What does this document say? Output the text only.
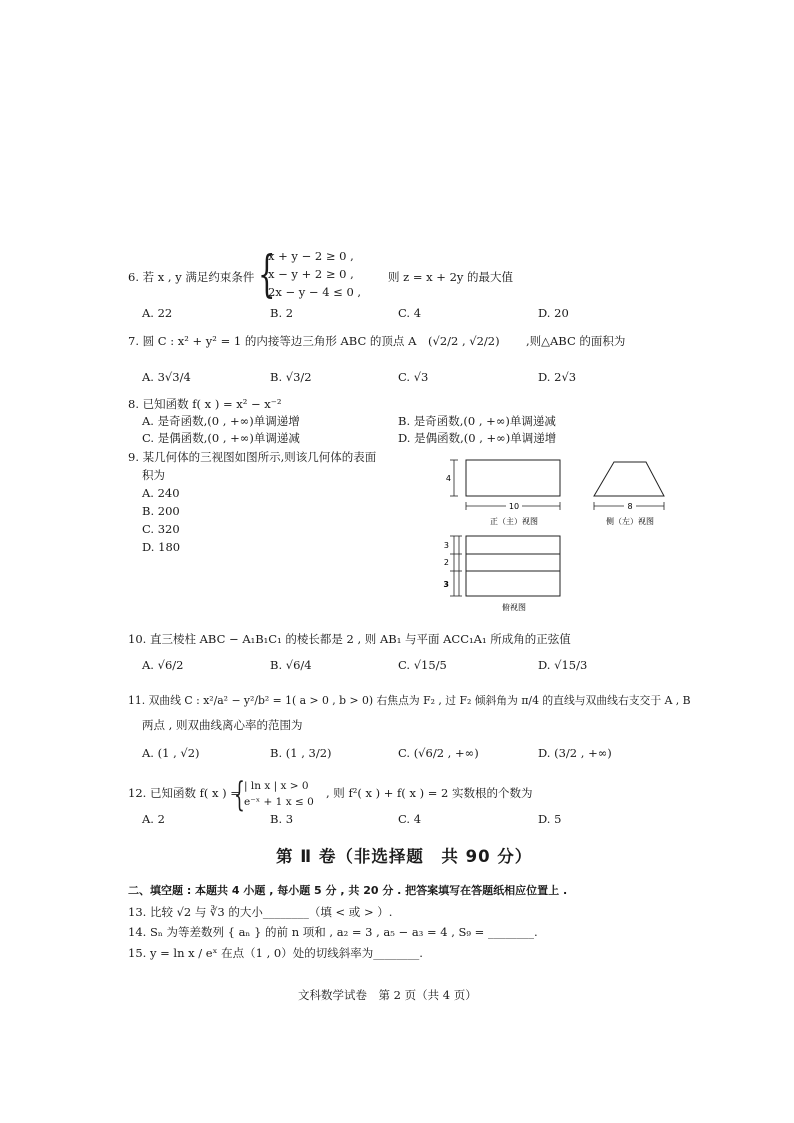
6. 若 x , y 满足约束条件 {
x + y − 2 ≥ 0 ,
x − y + 2 ≥ 0 ,
2x − y − 4 ≤ 0 ,
则 z = x + 2y 的最大值
A. 22	B. 2	C. 4	D. 20
7. 圆 C : x² + y² = 1 的内接等边三角形 ABC 的顶点 A (√2/2 , √2/2) ,则△ABC 的面积为
A. 3√3/4	B. √3/2	C. √3	D. 2√3
8. 已知函数 f( x ) = x² − x⁻²
A. 是奇函数,(0 , +∞)单调递增	B. 是奇函数,(0 , +∞)单调递减
C. 是偶函数,(0 , +∞)单调递减	D. 是偶函数,(0 , +∞)单调递增
9. 某几何体的三视图如图所示,则该几何体的表面
积为
A. 240
B. 200
C. 320
D. 180
4
10
正（主）视图
8
侧（左）视图
3
2
3
俯视图
10. 直三棱柱 ABC − A₁B₁C₁ 的棱长都是 2 , 则 AB₁ 与平面 ACC₁A₁ 所成角的正弦值
A. √6/2	B. √6/4	C. √15/5	D. √15/3
11. 双曲线 C : x²/a² − y²/b² = 1( a > 0 , b > 0) 右焦点为 F₂ , 过 F₂ 倾斜角为 π/4 的直线与双曲线右支交于 A , B
两点 , 则双曲线离心率的范围为
A. (1 , √2)	B. (1 , 3/2)	C. (√6/2 , +∞)	D. (3/2 , +∞)
12. 已知函数 f( x ) =
{ | ln x | x > 0
e⁻ˣ + 1 x ≤ 0
, 则 f²( x ) + f( x ) = 2 实数根的个数为
A. 2	B. 3	C. 4	D. 5
第 Ⅱ 卷（非选择题　共 90 分）
二、填空题 : 本题共 4 小题 , 每小题 5 分 , 共 20 分 . 把答案填写在答题纸相应位置上 .
13. 比较 √2 与 ∛3 的大小________（填 < 或 > ）.
14. Sₙ 为等差数列 { aₙ } 的前 n 项和 , a₂ = 3 , a₅ − a₃ = 4 , S₉ = ________.
15. y = ln x / eˣ 在点（1 , 0）处的切线斜率为________.
文科数学试卷　第 2 页（共 4 页）
